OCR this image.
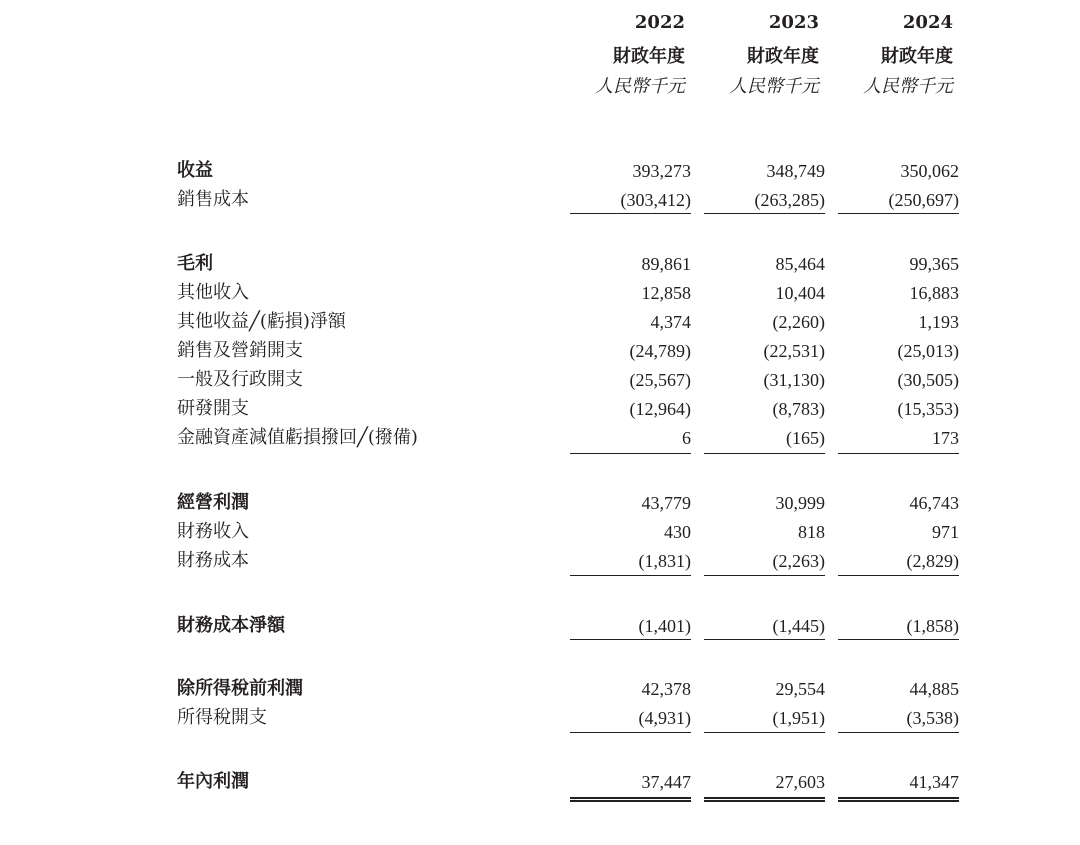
2022	2023	2024
財政年度	財政年度	財政年度
人民幣千元	人民幣千元	人民幣千元
收益	393,273	348,749	350,062
銷售成本	(303,412)	(263,285)	(250,697)
毛利	89,861	85,464	99,365
其他收入	12,858	10,404	16,883
其他收益╱(虧損)淨額	4,374	(2,260)	1,193
銷售及營銷開支	(24,789)	(22,531)	(25,013)
一般及行政開支	(25,567)	(31,130)	(30,505)
研發開支	(12,964)	(8,783)	(15,353)
金融資產減值虧損撥回╱(撥備)	6	(165)	173
經營利潤	43,779	30,999	46,743
財務收入	430	818	971
財務成本	(1,831)	(2,263)	(2,829)
財務成本淨額	(1,401)	(1,445)	(1,858)
除所得稅前利潤	42,378	29,554	44,885
所得稅開支	(4,931)	(1,951)	(3,538)
年內利潤	37,447	27,603	41,347
